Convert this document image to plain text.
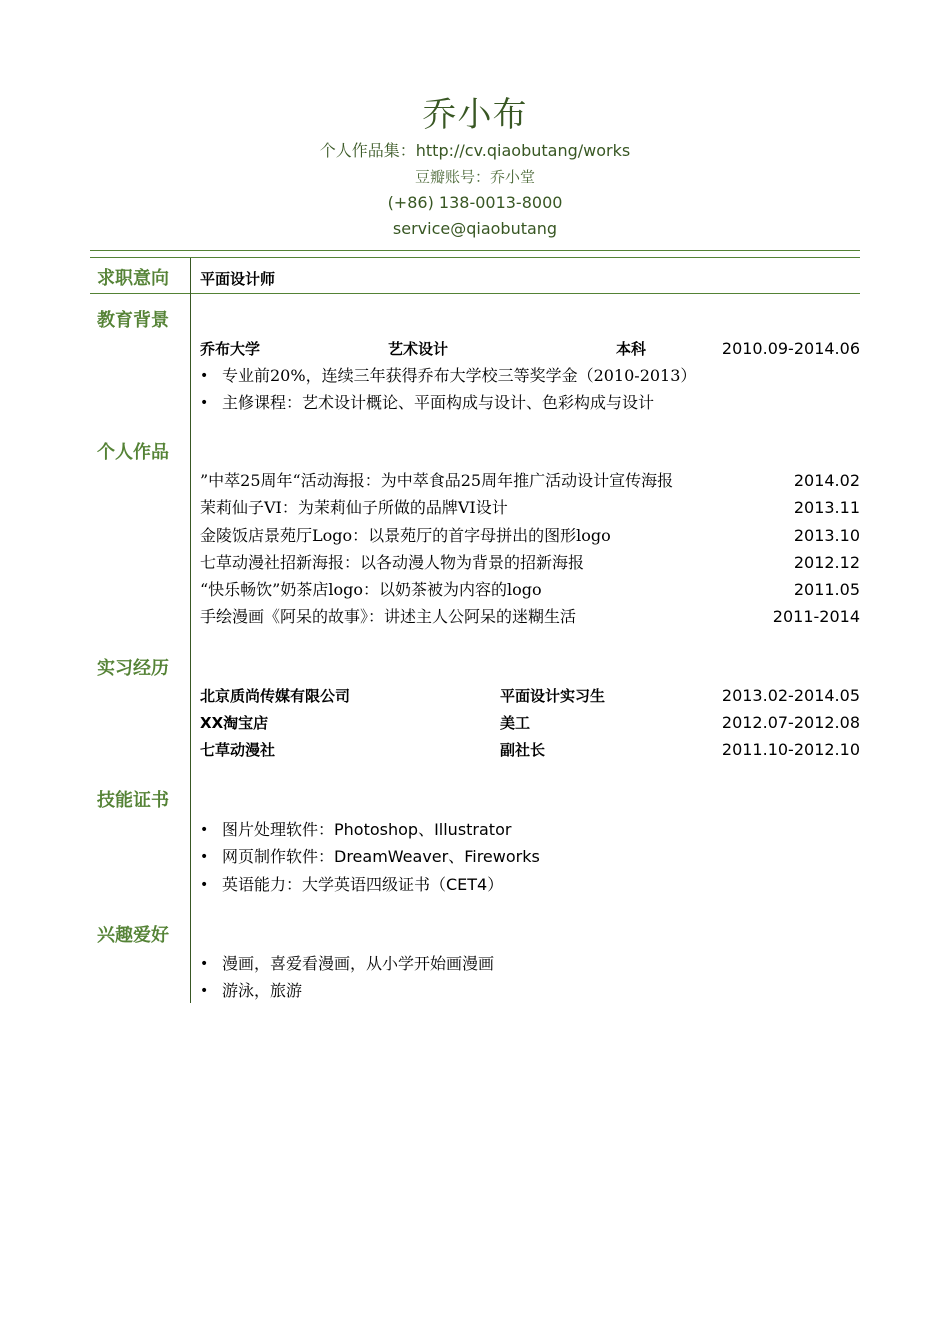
乔小布
个人作品集：http://cv.qiaobutang/works
豆瓣账号：乔小堂
(+86) 138-0013-8000
service@qiaobutang
求职意向 平面设计师
教育背景
乔布大学	艺术设计	本科	2010.09-2014.06
• 专业前20%，连续三年获得乔布大学校三等奖学金（2010-2013）
• 主修课程：艺术设计概论、平面构成与设计、色彩构成与设计
个人作品
”中萃25周年“活动海报：为中萃食品25周年推广活动设计宣传海报	2014.02
茉莉仙子VI：为茉莉仙子所做的品牌VI设计	2013.11
金陵饭店景苑厅Logo：以景苑厅的首字母拼出的图形logo	2013.10
七草动漫社招新海报：以各动漫人物为背景的招新海报	2012.12
“快乐畅饮”奶茶店logo：以奶茶被为内容的logo	2011.05
手绘漫画《阿呆的故事》：讲述主人公阿呆的迷糊生活	2011-2014
实习经历
北京质尚传媒有限公司	平面设计实习生	2013.02-2014.05
XX淘宝店	美工	2012.07-2012.08
七草动漫社	副社长	2011.10-2012.10
技能证书
• 图片处理软件：Photoshop、Illustrator
• 网页制作软件：DreamWeaver、Fireworks
• 英语能力：大学英语四级证书（CET4）
兴趣爱好
• 漫画，喜爱看漫画，从小学开始画漫画
• 游泳，旅游
